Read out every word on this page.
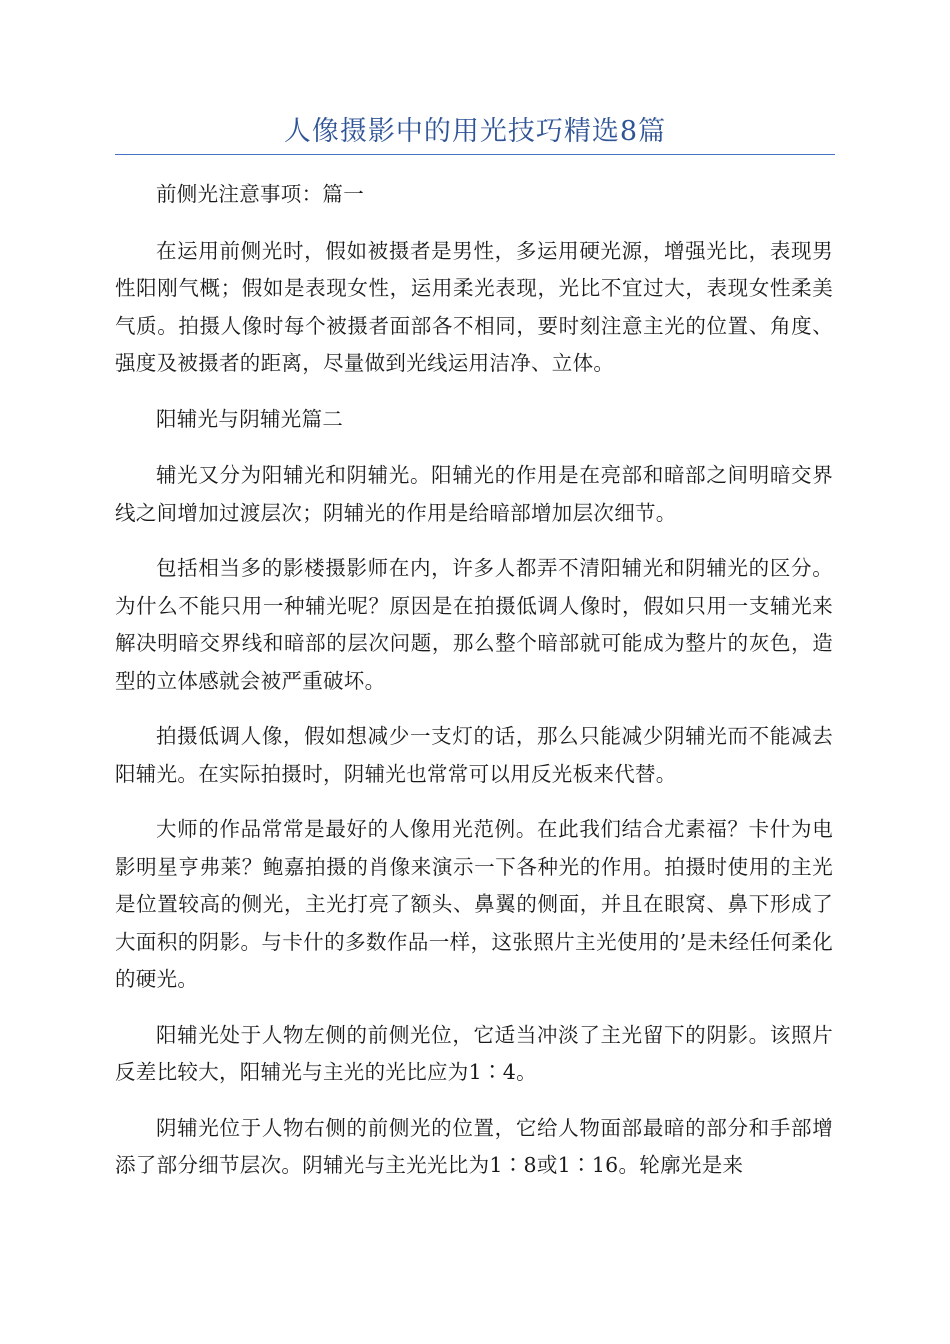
人像摄影中的用光技巧精选8篇

前侧光注意事项：篇一

在运用前侧光时，假如被摄者是男性，多运用硬光源，增强光比，表现男性阳刚气概；假如是表现女性，运用柔光表现，光比不宜过大，表现女性柔美气质。拍摄人像时每个被摄者面部各不相同，要时刻注意主光的位置、角度、强度及被摄者的距离，尽量做到光线运用洁净、立体。

阳辅光与阴辅光篇二

辅光又分为阳辅光和阴辅光。阳辅光的作用是在亮部和暗部之间明暗交界线之间增加过渡层次；阴辅光的作用是给暗部增加层次细节。

包括相当多的影楼摄影师在内，许多人都弄不清阳辅光和阴辅光的区分。为什么不能只用一种辅光呢？原因是在拍摄低调人像时，假如只用一支辅光来解决明暗交界线和暗部的层次问题，那么整个暗部就可能成为整片的灰色，造型的立体感就会被严重破坏。

拍摄低调人像，假如想减少一支灯的话，那么只能减少阴辅光而不能减去阳辅光。在实际拍摄时，阴辅光也常常可以用反光板来代替。

大师的作品常常是最好的人像用光范例。在此我们结合尤素福？卡什为电影明星亨弗莱？鲍嘉拍摄的肖像来演示一下各种光的作用。拍摄时使用的主光是位置较高的侧光，主光打亮了额头、鼻翼的侧面，并且在眼窝、鼻下形成了大面积的阴影。与卡什的多数作品一样，这张照片主光使用的’是未经任何柔化的硬光。

阳辅光处于人物左侧的前侧光位，它适当冲淡了主光留下的阴影。该照片反差比较大，阳辅光与主光的光比应为1∶4。

阴辅光位于人物右侧的前侧光的位置，它给人物面部最暗的部分和手部增添了部分细节层次。阴辅光与主光光比为1∶8或1∶16。轮廓光是来
